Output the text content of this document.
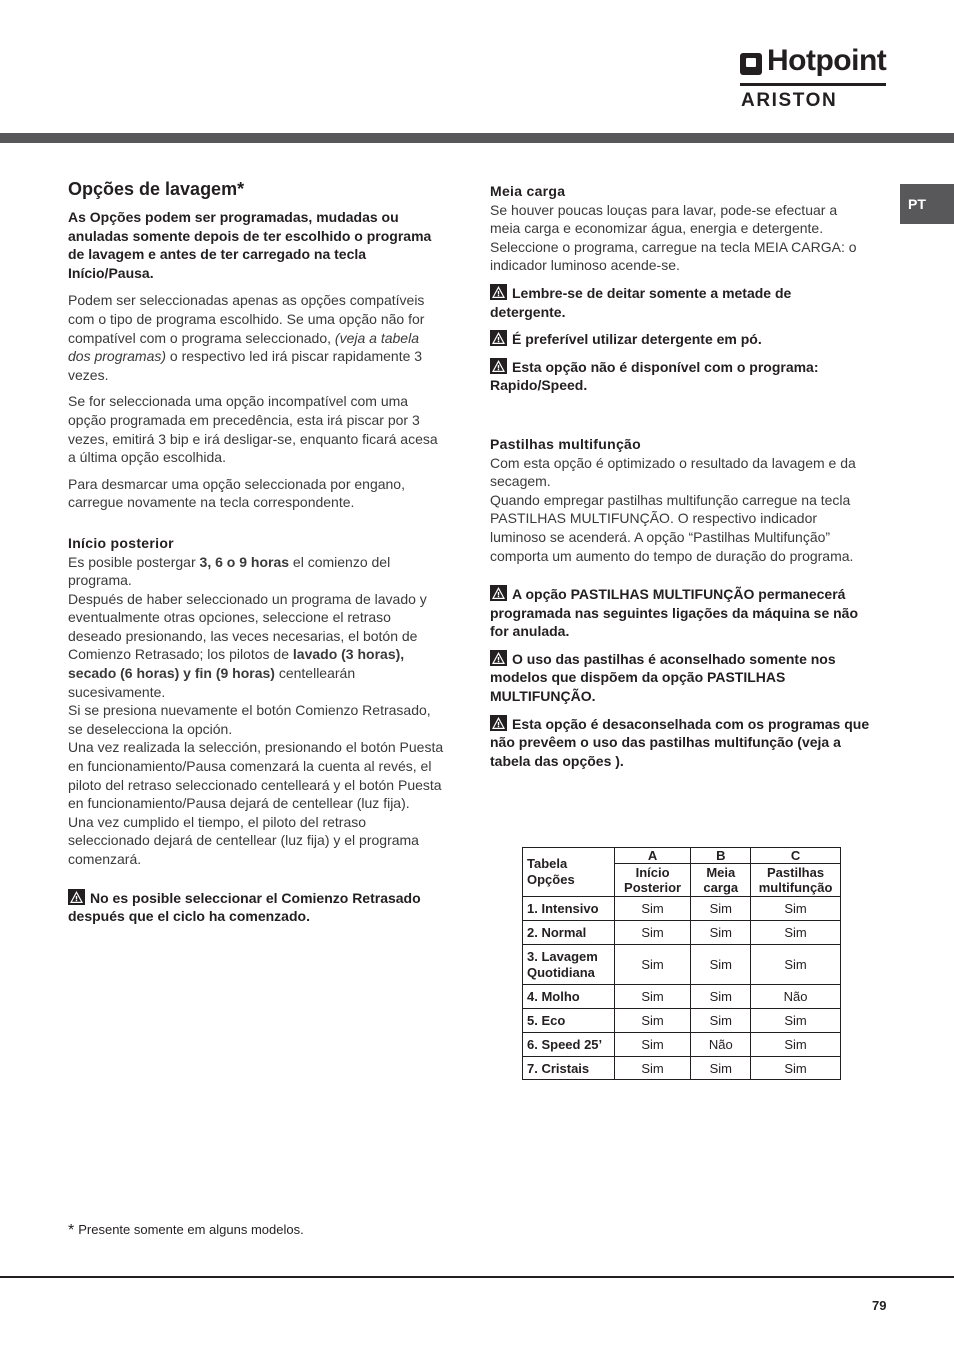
Hotpoint
ARISTON
PT

Opções de lavagem*

As Opções podem ser programadas, mudadas ou anuladas somente depois de ter escolhido o programa de lavagem e antes de ter carregado na tecla Início/Pausa.

Podem ser seleccionadas apenas as opções compatíveis com o tipo de programa escolhido. Se uma opção não for compatível com o programa seleccionado, (veja a tabela dos programas) o respectivo led irá piscar rapidamente 3 vezes.

Se for seleccionada uma opção incompatível com uma opção programada em precedência, esta irá piscar por 3 vezes, emitirá 3 bip e irá desligar-se, enquanto ficará acesa a última opção escolhida.

Para desmarcar uma opção seleccionada por engano, carregue novamente na tecla correspondente.

Início posterior

Es posible postergar 3, 6 o 9 horas el comienzo del programa.

Después de haber seleccionado un programa de lavado y eventualmente otras opciones, seleccione el retraso deseado presionando, las veces necesarias, el botón de Comienzo Retrasado; los pilotos de lavado (3 horas), secado (6 horas) y fin (9 horas) centellearán sucesivamente.

Si se presiona nuevamente el botón Comienzo Retrasado, se deselecciona la opción.

Una vez realizada la selección, presionando el botón Puesta en funcionamiento/Pausa comenzará la cuenta al revés, el piloto del retraso seleccionado centelleará y el botón Puesta en funcionamiento/Pausa dejará de centellear (luz fija).

Una vez cumplido el tiempo, el piloto del retraso seleccionado dejará de centellear (luz fija) y el programa comenzará.

No es posible seleccionar el Comienzo Retrasado después que el ciclo ha comenzado.

Meia carga

Se houver poucas louças para lavar, pode-se efectuar a meia carga e economizar água, energia e detergente. Seleccione o programa, carregue na tecla MEIA CARGA: o indicador luminoso acende-se.

Lembre-se de deitar somente a metade de detergente.

É preferível utilizar detergente em pó.

Esta opção não é disponível com o programa: Rapido/Speed.

Pastilhas multifunção

Com esta opção é optimizado o resultado da lavagem e da secagem.

Quando empregar pastilhas multifunção carregue na tecla PASTILHAS MULTIFUNÇÃO. O respectivo indicador luminoso se acenderá. A opção “Pastilhas Multifunção” comporta um aumento do tempo de duração do programa.

A opção PASTILHAS MULTIFUNÇÃO permanecerá programada nas seguintes ligações da máquina se não for anulada.

O uso das pastilhas é aconselhado somente nos modelos que dispõem da opção PASTILHAS MULTIFUNÇÃO.

Esta opção é desaconselhada com os programas que não prevêem o uso das pastilhas multifunção (veja a tabela das opções ).

Tabela Opções	A	B	C
	Início Posterior	Meia carga	Pastilhas multifunção
1. Intensivo	Sim	Sim	Sim
2. Normal	Sim	Sim	Sim
3. Lavagem Quotidiana	Sim	Sim	Sim
4. Molho	Sim	Sim	Não
5. Eco	Sim	Sim	Sim
6. Speed 25’	Sim	Não	Sim
7. Cristais	Sim	Sim	Sim
* Presente somente em alguns modelos.
79
